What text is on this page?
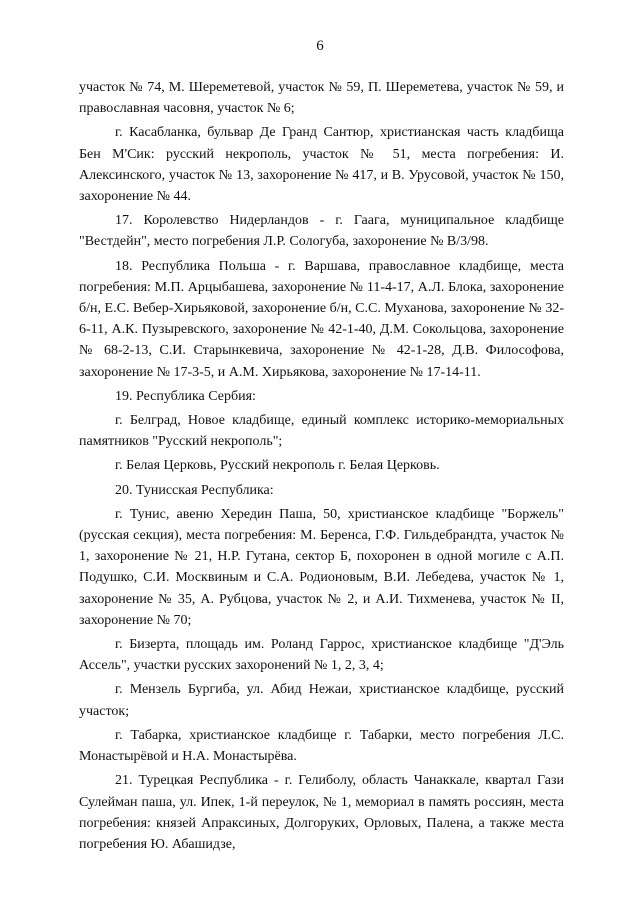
6

участок № 74, М. Шереметевой, участок № 59, П. Шереметева, участок № 59, и православная часовня, участок № 6;

г. Касабланка, бульвар Де Гранд Сантюр, христианская часть кладбища Бен М'Сик: русский некрополь, участок № 51, места погребения: И. Алексинского, участок № 13, захоронение № 417, и В. Урусовой, участок № 150, захоронение № 44.

17. Королевство Нидерландов - г. Гаага, муниципальное кладбище "Вестдейн", место погребения Л.Р. Сологуба, захоронение № В/3/98.

18. Республика Польша - г. Варшава, православное кладбище, места погребения: М.П. Арцыбашева, захоронение № 11-4-17, А.Л. Блока, захоронение б/н, Е.С. Вебер-Хирьяковой, захоронение б/н, С.С. Муханова, захоронение № 32-6-11, А.К. Пузыревского, захоронение № 42-1-40, Д.М. Сокольцова, захоронение № 68-2-13, С.И. Старынкевича, захоронение № 42-1-28, Д.В. Философова, захоронение № 17-3-5, и А.М. Хирьякова, захоронение № 17-14-11.

19. Республика Сербия:

г. Белград, Новое кладбище, единый комплекс историко-мемориальных памятников "Русский некрополь";

г. Белая Церковь, Русский некрополь г. Белая Церковь.

20. Тунисская Республика:

г. Тунис, авеню Хередин Паша, 50, христианское кладбище "Боржель" (русская секция), места погребения: М. Беренса, Г.Ф. Гильдебрандта, участок № 1, захоронение № 21, Н.Р. Гутана, сектор Б, похоронен в одной могиле с А.П. Подушко, С.И. Москвиным и С.А. Родионовым, В.И. Лебедева, участок № 1, захоронение № 35, А. Рубцова, участок № 2, и А.И. Тихменева, участок № II, захоронение № 70;

г. Бизерта, площадь им. Роланд Гаррос, христианское кладбище "Д'Эль Ассель", участки русских захоронений № 1, 2, 3, 4;

г. Мензель Бургиба, ул. Абид Нежаи, христианское кладбище, русский участок;

г. Табарка, христианское кладбище г. Табарки, место погребения Л.С. Монастырёвой и Н.А. Монастырёва.

21. Турецкая Республика - г. Гелиболу, область Чанаккале, квартал Гази Сулейман паша, ул. Ипек, 1-й переулок, № 1, мемориал в память россиян, места погребения: князей Апраксиных, Долгоруких, Орловых, Палена, а также места погребения Ю. Абашидзе,
